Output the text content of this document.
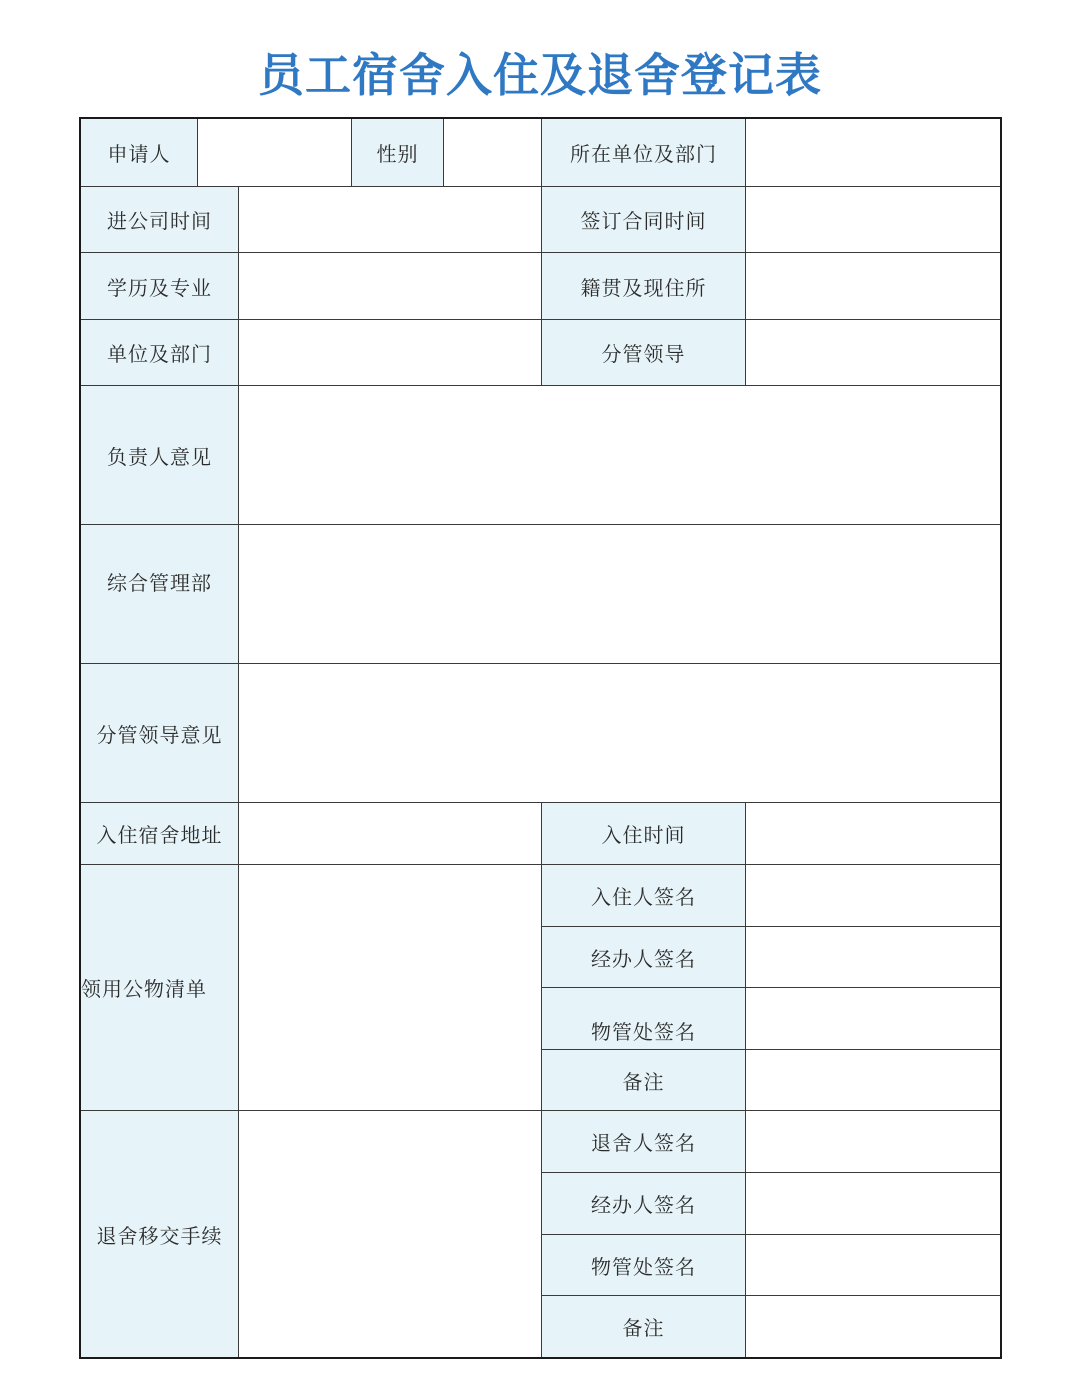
员工宿舍入住及退舍登记表
申请人	性别	所在单位及部门
进公司时间	签订合同时间
学历及专业	籍贯及现住所
单位及部门	分管领导
负责人意见
综合管理部
分管领导意见
入住宿舍地址	入住时间
领用公物清单
入住人签名
经办人签名
物管处签名
备注
退舍移交手续
退舍人签名
经办人签名
物管处签名
备注
